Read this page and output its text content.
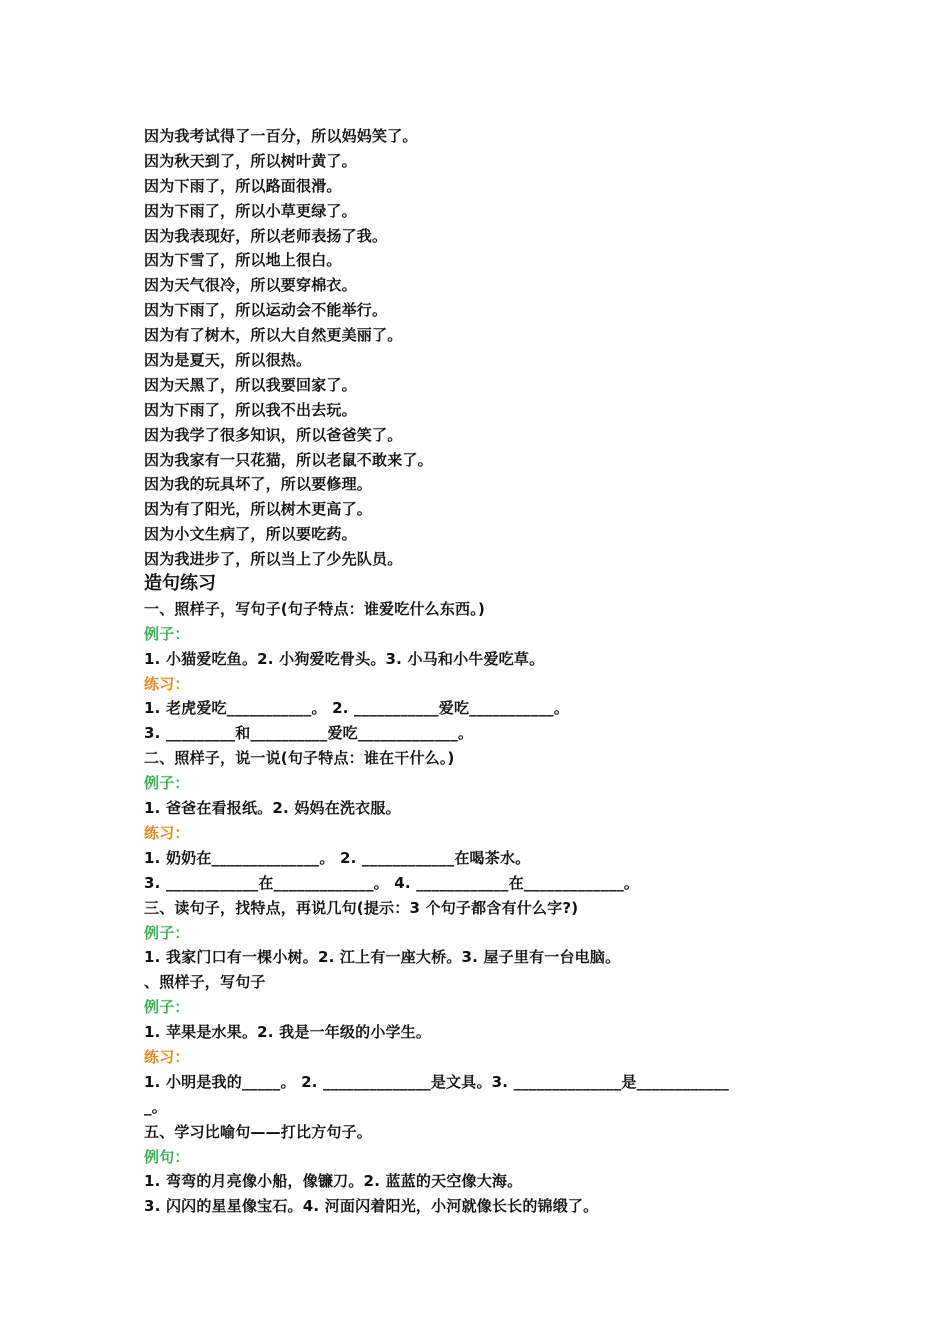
因为我考试得了一百分，所以妈妈笑了。
因为秋天到了，所以树叶黄了。
因为下雨了，所以路面很滑。
因为下雨了，所以小草更绿了。
因为我表现好，所以老师表扬了我。
因为下雪了，所以地上很白。
因为天气很冷，所以要穿棉衣。
因为下雨了，所以运动会不能举行。
因为有了树木，所以大自然更美丽了。
因为是夏天，所以很热。
因为天黑了，所以我要回家了。
因为下雨了，所以我不出去玩。
因为我学了很多知识，所以爸爸笑了。
因为我家有一只花猫，所以老鼠不敢来了。
因为我的玩具坏了，所以要修理。
因为有了阳光，所以树木更高了。
因为小文生病了，所以要吃药。
因为我进步了，所以当上了少先队员。
造句练习
一、照样子，写句子(句子特点：谁爱吃什么东西。)
例子：
1. 小猫爱吃鱼。2. 小狗爱吃骨头。3. 小马和小牛爱吃草。
练习：
1. 老虎爱吃___________。 2. ___________爱吃___________。
3. _________和__________爱吃_____________。
二、照样子，说一说(句子特点：谁在干什么。)
例子：
1. 爸爸在看报纸。2. 妈妈在洗衣服。
练习：
1. 奶奶在______________。 2. ____________在喝茶水。
3. ____________在_____________。 4. ____________在_____________。
三、读句子，找特点，再说几句(提示：3 个句子都含有什么字?)
例子：
1. 我家门口有一棵小树。2. 江上有一座大桥。3. 屋子里有一台电脑。
、照样子，写句子
例子：
1. 苹果是水果。2. 我是一年级的小学生。
练习：
1. 小明是我的_____。 2. ______________是文具。3. ______________是____________
_。
五、学习比喻句——打比方句子。
例句：
1. 弯弯的月亮像小船，像镰刀。2. 蓝蓝的天空像大海。
3. 闪闪的星星像宝石。4. 河面闪着阳光，小河就像长长的锦缎了。
